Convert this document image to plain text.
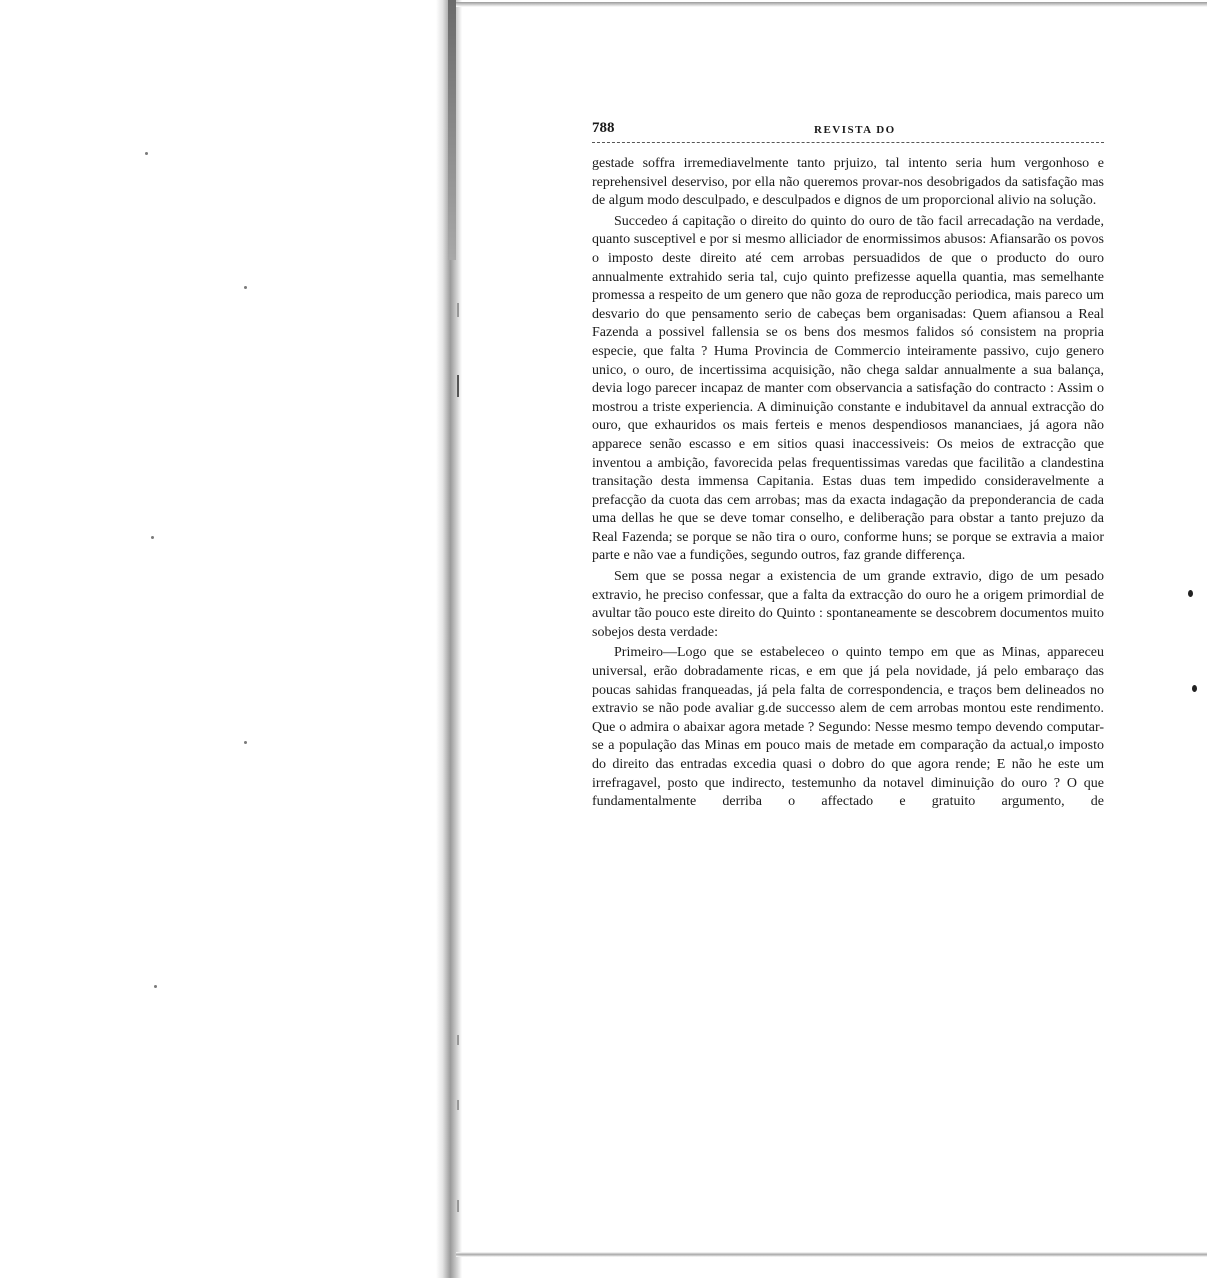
788	REVISTA DO

gestade soffra irremediavelmente tanto prjuizo, tal intento seria hum vergonhoso e reprehensivel deserviso, por ella não queremos provar-nos desobrigados da satisfação mas de algum modo desculpado, e desculpados e dignos de um proporcional alivio na solução.

Succedeo á capitação o direito do quinto do ouro de tão facil arrecadação na verdade, quanto susceptivel e por si mesmo alliciador de enormissimos abusos: Afiansarão os povos o imposto deste direito até cem arrobas persuadidos de que o producto do ouro annualmente extrahido seria tal, cujo quinto prefizesse aquella quantia, mas semelhante promessa a respeito de um genero que não goza de reproducção periodica, mais pareco um desvario do que pensamento serio de cabeças bem organisadas: Quem afiansou a Real Fazenda a possivel fallensia se os bens dos mesmos falidos só consistem na propria especie, que falta ? Huma Provincia de Commercio inteiramente passivo, cujo genero unico, o ouro, de incertissima acquisição, não chega saldar annualmente a sua balança, devia logo parecer incapaz de manter com observancia a satisfação do contracto : Assim o mostrou a triste experiencia. A diminuição constante e indubitavel da annual extracção do ouro, que exhauridos os mais ferteis e menos despendiosos mananciaes, já agora não apparece senão escasso e em sitios quasi inaccessiveis: Os meios de extracção que inventou a ambição, favorecida pelas frequentissimas varedas que facilitão a clandestina transitação desta immensa Capitania. Estas duas tem impedido consideravelmente a prefacção da cuota das cem arrobas; mas da exacta indagação da preponderancia de cada uma dellas he que se deve tomar conselho, e deliberação para obstar a tanto prejuzo da Real Fazenda; se porque se não tira o ouro, conforme huns; se porque se extravia a maior parte e não vae a fundições, segundo outros, faz grande differença.

Sem que se possa negar a existencia de um grande extravio, digo de um pesado extravio, he preciso confessar, que a falta da extracção do ouro he a origem primordial de avultar tão pouco este direito do Quinto : spontaneamente se descobrem documentos muito sobejos desta verdade:

Primeiro—Logo que se estabeleceo o quinto tempo em que as Minas, appareceu universal, erão dobradamente ricas, e em que já pela novidade, já pelo embaraço das poucas sahidas franqueadas, já pela falta de correspondencia, e traços bem delineados no extravio se não pode avaliar g.de successo alem de cem arrobas montou este rendimento. Que o admira o abaixar agora metade ? Segundo: Nesse mesmo tempo devendo computar-se a população das Minas em pouco mais de metade em comparação da actual,o imposto do direito das entradas excedia quasi o dobro do que agora rende; E não he este um irrefragavel, posto que indirecto, testemunho da notavel diminuição do ouro ? O que fundamentalmente derriba o affectado e gratuito argumento, de
